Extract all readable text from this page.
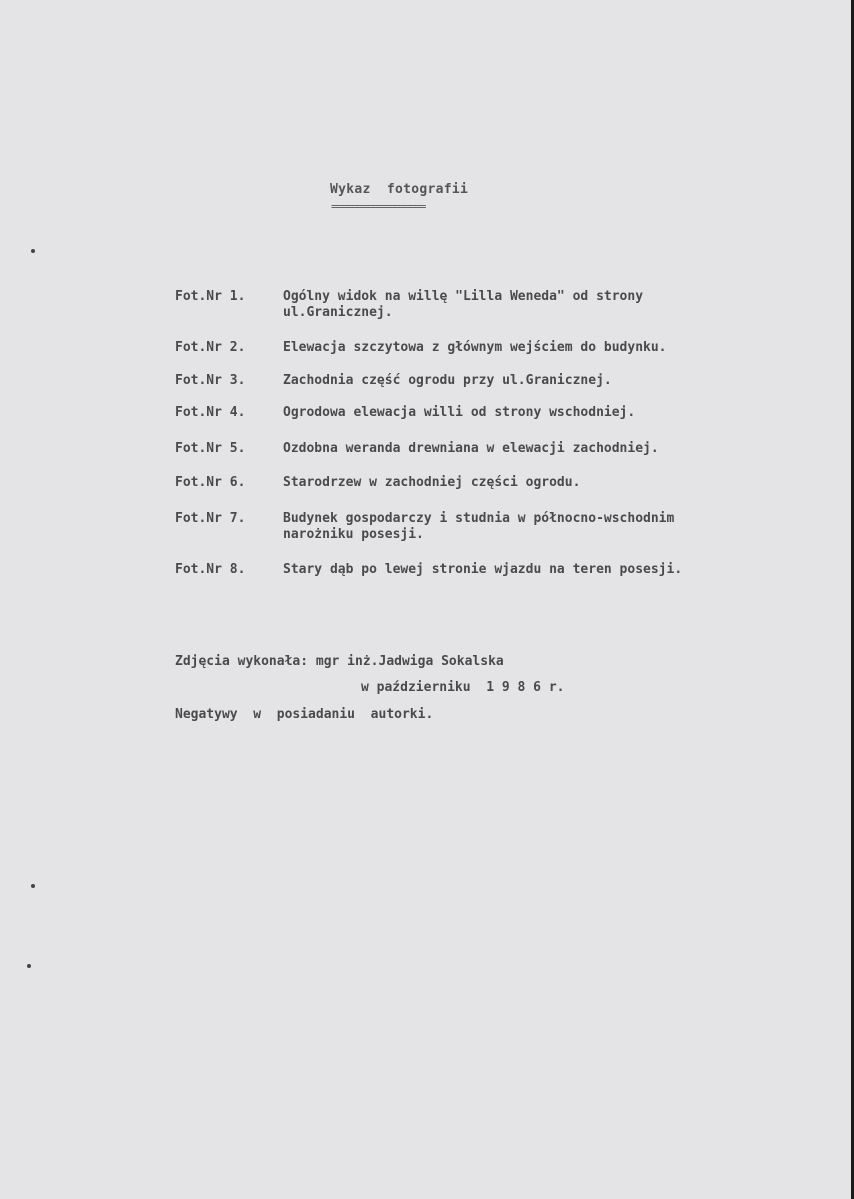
Wykaz  fotografii
==================
Fot.Nr 1.	Ogólny widok na willę "Lilla Weneda" od strony
ul.Granicznej.
Fot.Nr 2.	Elewacja szczytowa z głównym wejściem do budynku.
Fot.Nr 3.	Zachodnia część ogrodu przy ul.Granicznej.
Fot.Nr 4.	Ogrodowa elewacja willi od strony wschodniej.
Fot.Nr 5.	Ozdobna weranda drewniana w elewacji zachodniej.
Fot.Nr 6.	Starodrzew w zachodniej części ogrodu.
Fot.Nr 7.	Budynek gospodarczy i studnia w północno-wschodnim
narożniku posesji.
Fot.Nr 8.	Stary dąb po lewej stronie wjazdu na teren posesji.
Zdjęcia wykonała: mgr inż.Jadwiga Sokalska
w październiku  1 9 8 6 r.
Negatywy  w  posiadaniu  autorki.
